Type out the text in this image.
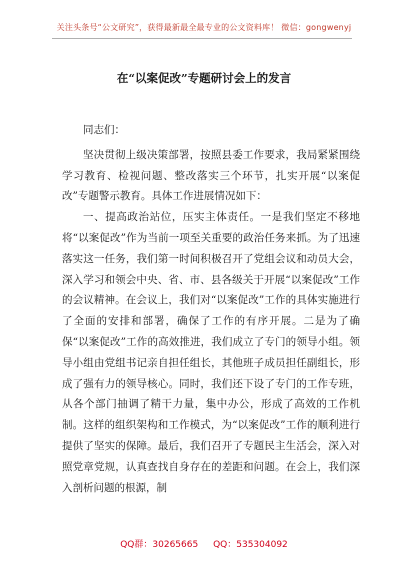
关注头条号“公文研究”，获得最新最全最专业的公文资料库！ 微信：gongwenyj
在“以案促改”专题研讨会上的发言

同志们：

坚决贯彻上级决策部署，按照县委工作要求，我局紧紧围绕学习教育、检视问题、整改落实三个环节，扎实开展“以案促改”专题警示教育。具体工作进展情况如下：

一、提高政治站位，压实主体责任。一是我们坚定不移地将“以案促改”作为当前一项至关重要的政治任务来抓。为了迅速落实这一任务，我们第一时间积极召开了党组会议和动员大会，深入学习和领会中央、省、市、县各级关于开展“以案促改”工作的会议精神。在会议上，我们对“以案促改”工作的具体实施进行了全面的安排和部署，确保了工作的有序开展。二是为了确保“以案促改”工作的高效推进，我们成立了专门的领导小组。领导小组由党组书记亲自担任组长，其他班子成员担任副组长，形成了强有力的领导核心。同时，我们还下设了专门的工作专班，从各个部门抽调了精干力量，集中办公，形成了高效的工作机制。这样的组织架构和工作模式，为“以案促改”工作的顺利进行提供了坚实的保障。最后，我们召开了专题民主生活会，深入对照党章党规，认真查找自身存在的差距和问题。在会上，我们深入剖析问题的根源，制

QQ群：30265665 QQ：535304092
